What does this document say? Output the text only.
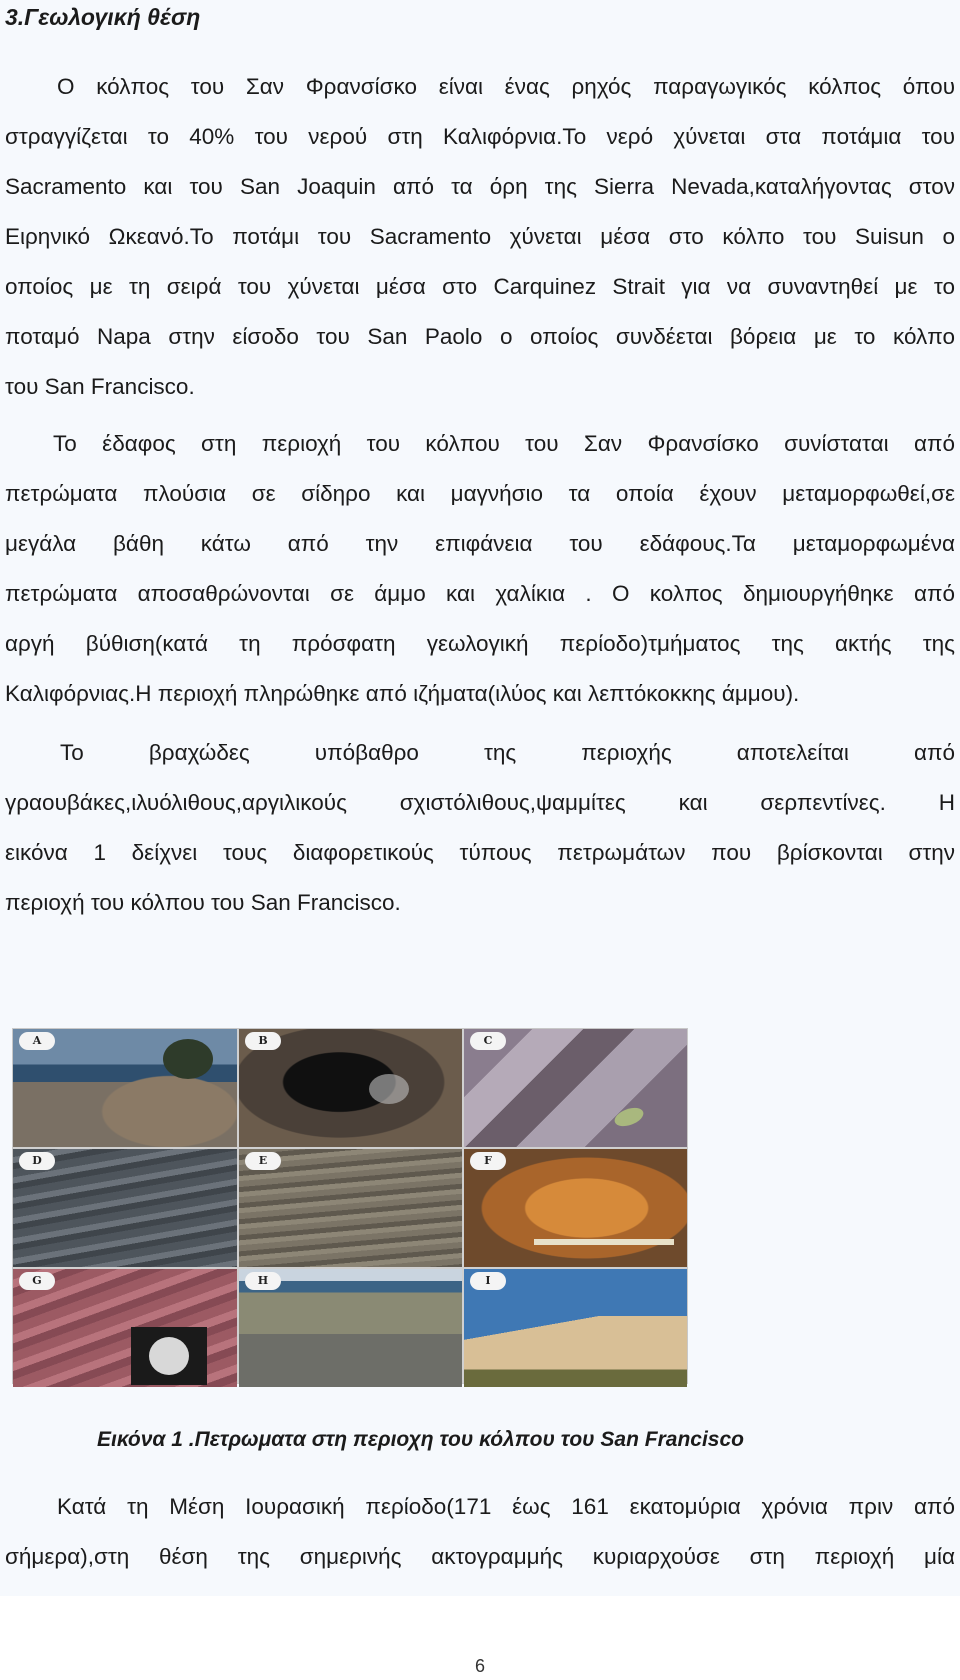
3.Γεωλογική θέση
Ο κόλπος του Σαν Φρανσίσκο είναι ένας ρηχός παραγωγικός κόλπος όπου
στραγγίζεται το 40% του νερού στη Καλιφόρνια.Το νερό χύνεται στα ποτάμια του
Sacramento και του San Joaquin από τα όρη της Sierra Nevada,καταλήγοντας στον
Ειρηνικό Ωκεανό.Το ποτάμι του Sacramento χύνεται μέσα στο κόλπο του Suisun ο
οποίος με τη σειρά του χύνεται μέσα στο Carquinez Strait για να συναντηθεί με το
ποταμό Napa στην είσοδο του San Paolo ο οποίος συνδέεται βόρεια με το κόλπο
του San Francisco.
Το έδαφος στη περιοχή του κόλπου του Σαν Φρανσίσκο συνίσταται από
πετρώματα πλούσια σε σίδηρο και μαγνήσιο τα οποία έχουν μεταμορφωθεί,σε
μεγάλα βάθη κάτω από την επιφάνεια του εδάφους.Τα μεταμορφωμένα
πετρώματα αποσαθρώνονται σε άμμο και χαλίκια . Ο κολπος δημιουργήθηκε από
αργή βύθιση(κατά τη πρόσφατη γεωλογική περίοδο)τμήματος της ακτής της
Καλιφόρνιας.Η περιοχή πληρώθηκε από ιζήματα(ιλύος και λεπτόκοκκης άμμου).
Το βραχώδες υπόβαθρο της περιοχής αποτελείται από
γραουβάκες,ιλυόλιθους,αργιλικούς σχιστόλιθους,ψαμμίτες και σερπεντίνες. Η
εικόνα 1 δείχνει τους διαφορετικούς τύπους πετρωμάτων που βρίσκονται στην
περιοχή του κόλπου του San Francisco.
A	B	C
D	E	F
G	H	I

Εικόνα 1 .Πετρωματα στη περιοχη του κόλπου του San Francisco

Κατά τη Μέση Ιουρασική περίοδο(171 έως 161 εκατομύρια χρόνια πριν από
σήμερα),στη θέση της σημερινής ακτογραμμής κυριαρχούσε στη περιοχή μία
6
